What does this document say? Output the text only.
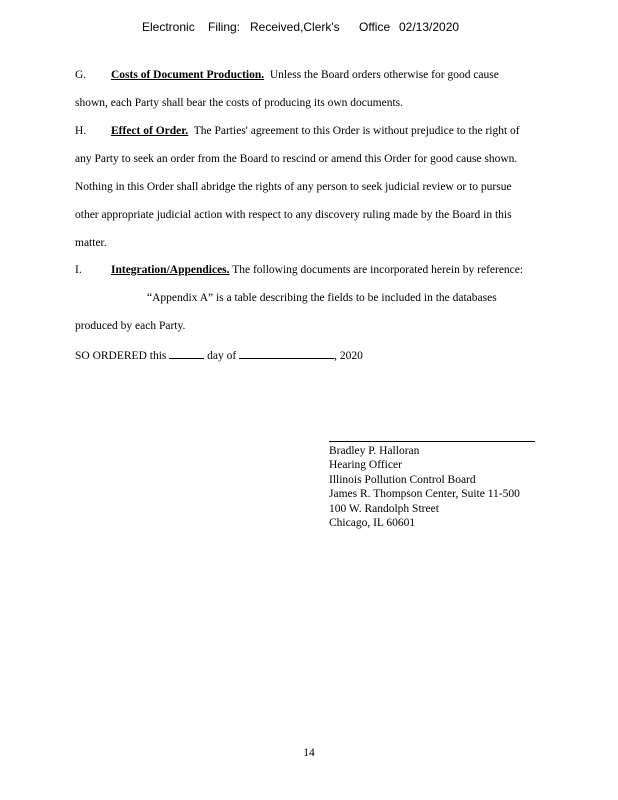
Electronic Filing: Received,Clerk's Office 02/13/2020
G. Costs of Document Production. Unless the Board orders otherwise for good cause
shown, each Party shall bear the costs of producing its own documents.
H. Effect of Order. The Parties' agreement to this Order is without prejudice to the right of
any Party to seek an order from the Board to rescind or amend this Order for good cause shown.
Nothing in this Order shall abridge the rights of any person to seek judicial review or to pursue
other appropriate judicial action with respect to any discovery ruling made by the Board in this
matter.
I.	Integration/Appendices. The following documents are incorporated herein by reference:
“Appendix A” is a table describing the fields to be included in the databases
produced by each Party.
SO ORDERED this	day of	, 2020
Bradley P. Halloran
Hearing Officer
Illinois Pollution Control Board
James R. Thompson Center, Suite 11-500
100 W. Randolph Street
Chicago, IL 60601
14
